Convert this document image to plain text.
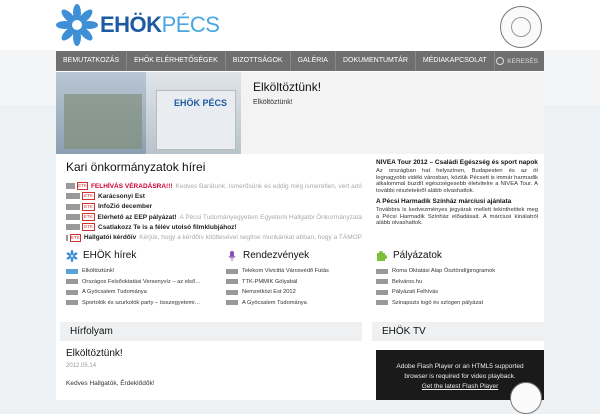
EHÖKPÉCS
BEMUTATKOZÁS	EHÖK ELÉRHETŐSÉGEK	BIZOTTSÁGOK	GALÉRIA	DOKUMENTUMTÁR	MÉDIAKAPCSOLAT	KERESÉS
EHÖK PÉCS
Elköltöztünk!
Elköltöztünk!
Kari önkormányzatok hírei
ETK FELHÍVÁS VÉRADÁSRA!!! Kedves Barátunk, Ismerősünk és eddig még ismeretlen, vért adó
ETK Karácsonyi Est
ETK InfoZió december
ETK Elérhető az EEP pályázat! A Pécsi Tudományegyetem Egyetemi Hallgatói Önkormányzata
ETK Csatlakozz Te is a félév utolsó filmklubjához!
ETK Hallgatói kérdőív Kérjük, hogy a kérdőív kitöltésével segítse munkánkat abban, hogy a TÁMOP
NIVEA Tour 2012 – Családi Egészség és sport napok
Az országban hat helyszínen, Budapesten és az öt legnagyobb vidéki városban, köztük Pécsett is immár harmadik alkalommal buzdít egészségesebb életvitelre a NIVEA Tour. A további részletekről alább olvashattok.
A Pécsi Harmadik Színház márciusi ajánlata
Továbbra is kedvezményes jegyárak mellett tekinthetitek meg a Pécsi Harmadik Színház előadásait. A márciusi kínálatról alább olvashattok.
EHÖK hírek
Elköltöztünk!
Országos Felsőoktatási Versenyvíz – az első…
A Gyöcsalem Tudománya
Sportolók és szurkolók party – összegyetemi…
Rendezvények
Telekom Vivicittá Városvédő Futás
TTK-PMMIK Gólyabál
Nemzetközi Est 2012
A Gyöcsalem Tudománya
Pályázatok
Roma Oktatási Alap Ösztöndíjprogramok
Belváros.hu
Pályázati Felhívás
Szinapszis logó és szlogen pályázat
Hírfolyam	EHÖK TV
Elköltöztünk!
2012.05.14
Kedves Hallgatók, Érdeklődők!
Adobe Flash Player or an HTML5 supported
browser is required for video playback.
Get the latest Flash Player
